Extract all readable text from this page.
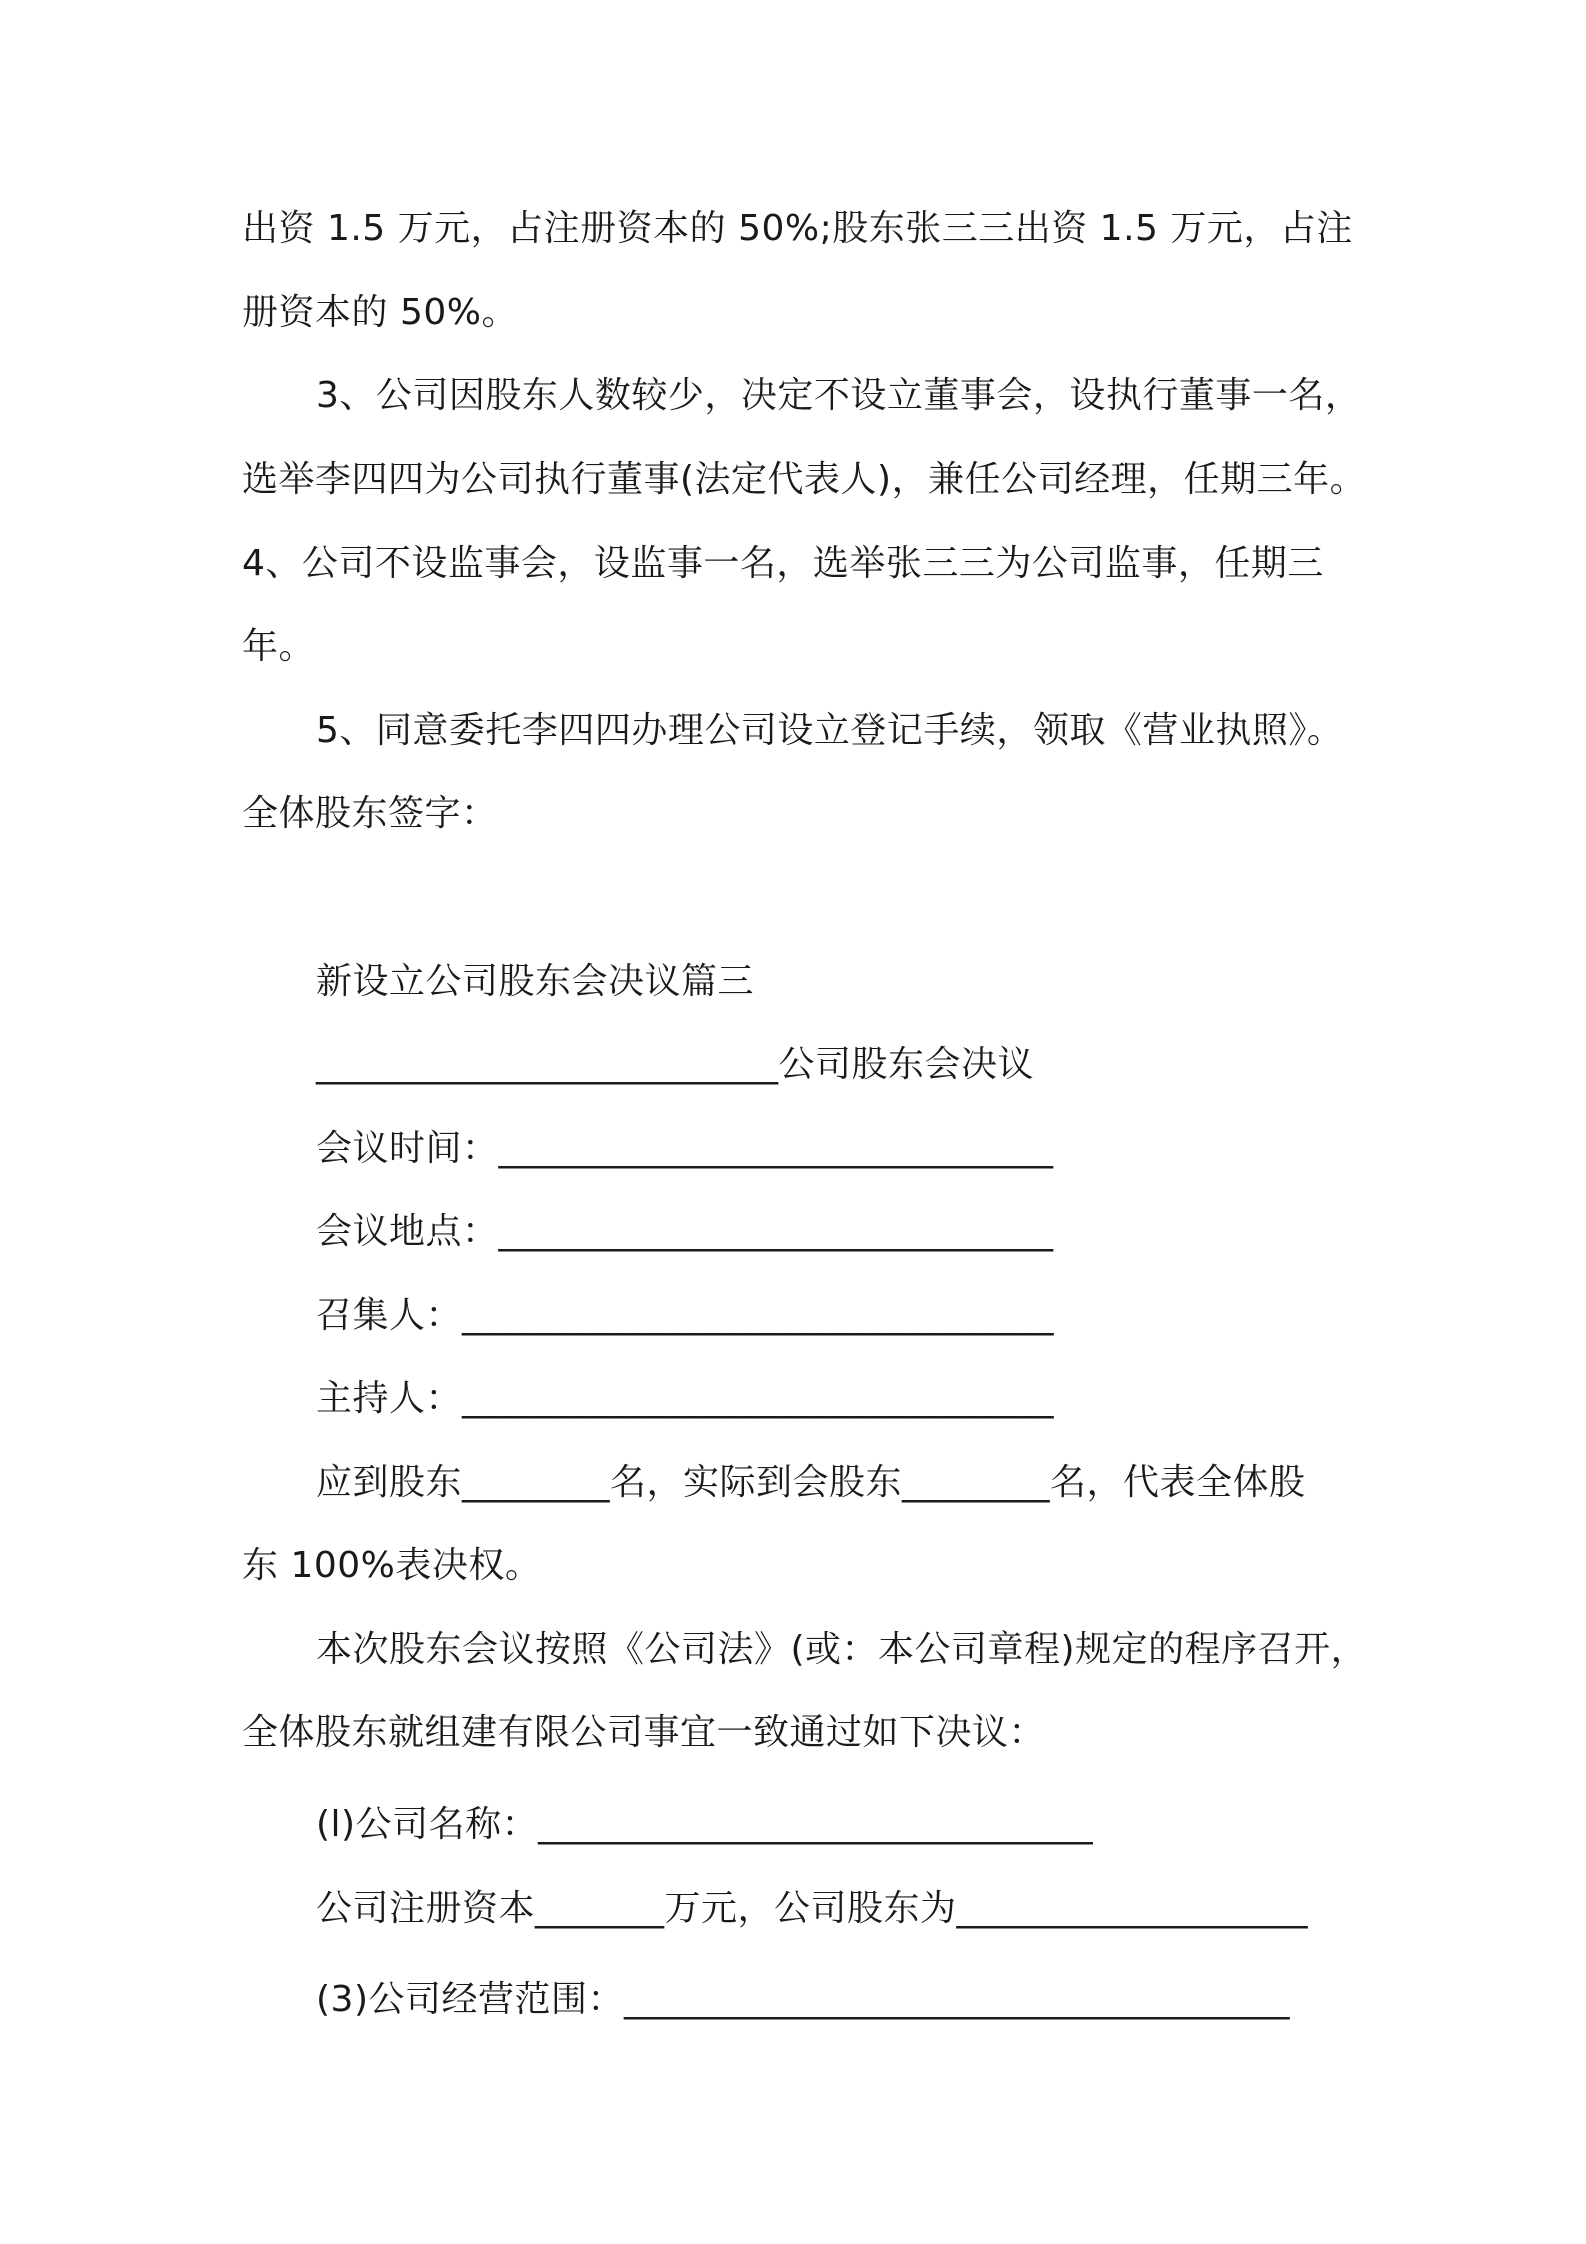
出资 1.5 万元，占注册资本的 50%;股东张三三出资 1.5 万元，占注
册资本的 50%。
3、公司因股东人数较少，决定不设立董事会，设执行董事一名，
选举李四四为公司执行董事(法定代表人)，兼任公司经理，任期三年。
4、公司不设监事会，设监事一名，选举张三三为公司监事，任期三
年。
5、同意委托李四四办理公司设立登记手续，领取《营业执照》。
全体股东签字：
新设立公司股东会决议篇三
_________________________公司股东会决议
会议时间：______________________________
会议地点：______________________________
召集人：________________________________
主持人：________________________________
应到股东________名，实际到会股东________名，代表全体股
东 100%表决权。
本次股东会议按照《公司法》(或：本公司章程)规定的程序召开，
全体股东就组建有限公司事宜一致通过如下决议：
(l)公司名称：______________________________
公司注册资本_______万元，公司股东为___________________
(3)公司经营范围：____________________________________
